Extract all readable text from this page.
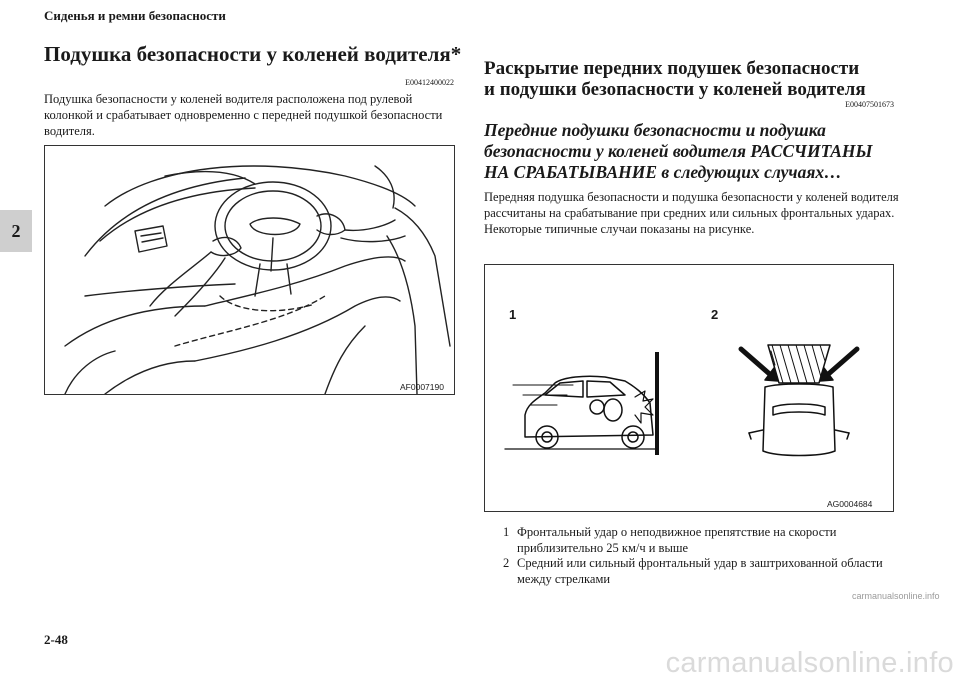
Сиденья и ремни безопасности
2
Подушка безопасности у коленей водителя*
E00412400022
Подушка безопасности у коленей водителя расположена под рулевой колонкой и срабатывает одновременно с передней подушкой безопасности водителя.
AF0007190
Раскрытие передних подушек безопасности
и подушки безопасности у коленей водителя
E00407501673
Передние подушки безопасности и подушка
безопасности у коленей водителя РАССЧИТАНЫ
НА СРАБАТЫВАНИЕ в следующих случаях…
Передняя подушка безопасности и подушка безопасности у коленей водителя рассчитаны на срабатывание при средних или сильных фронтальных ударах. Некоторые типичные случаи показаны на рисунке.
1	2
AG0004684
1 Фронтальный удар о неподвижное препятствие на скорости приблизительно 25 км/ч и выше
2 Средний или сильный фронтальный удар в заштрихованной области между стрелками
2-48
carmanualsonline.info
carmanualsonline.info
